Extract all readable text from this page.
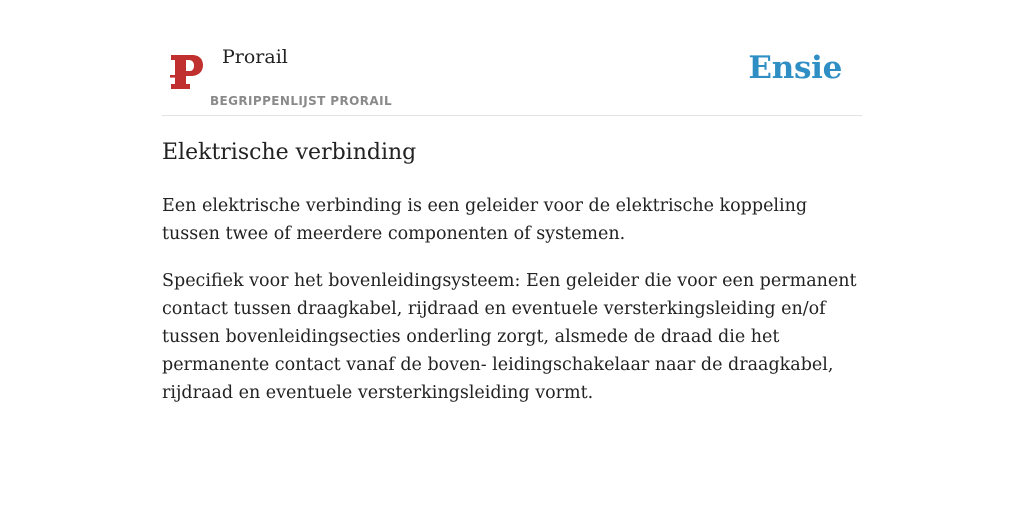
Prorail
BEGRIPPENLIJST PRORAIL
Ensie
Elektrische verbinding

Een elektrische verbinding is een geleider voor de elektrische koppeling tussen twee of meerdere componenten of systemen.

Specifiek voor het bovenleidingsysteem: Een geleider die voor een permanent contact tussen draagkabel, rijdraad en eventuele versterkingsleiding en/of tussen bovenleidingsecties onderling zorgt, alsmede de draad die het permanente contact vanaf de boven- leidingschakelaar naar de draagkabel, rijdraad en eventuele versterkingsleiding vormt.
